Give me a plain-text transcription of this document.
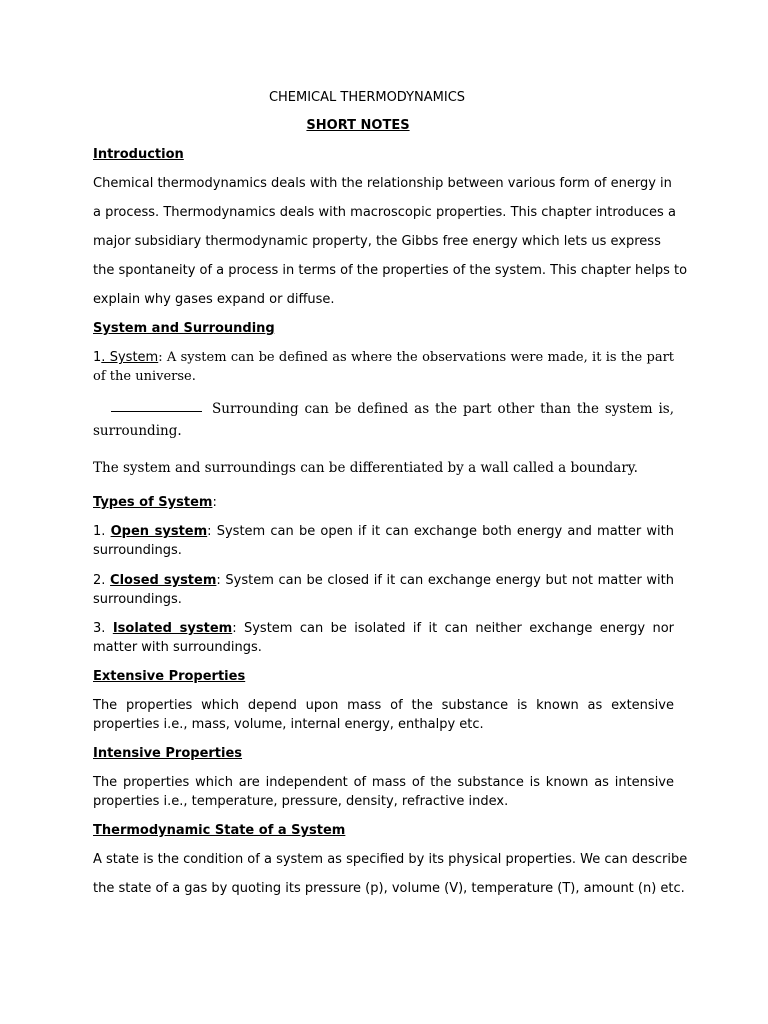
CHEMICAL THERMODYNAMICS
SHORT NOTES
Introduction
Chemical thermodynamics deals with the relationship between various form of energy in
a process. Thermodynamics deals with macroscopic properties. This chapter introduces a
major subsidiary thermodynamic property, the Gibbs free energy which lets us express
the spontaneity of a process in terms of the properties of the system. This chapter helps to
explain why gases expand or diffuse.
System and Surrounding
1. System: A system can be defined as where the observations were made, it is the part of the universe.
Surrounding can be defined as the part other than the system is, surrounding.
The system and surroundings can be differentiated by a wall called a boundary.
Types of System:
1. Open system: System can be open if it can exchange both energy and matter with surroundings.
2. Closed system: System can be closed if it can exchange energy but not matter with surroundings.
3. Isolated system: System can be isolated if it can neither exchange energy nor matter with surroundings.
Extensive Properties
The properties which depend upon mass of the substance is known as extensive properties i.e., mass, volume, internal energy, enthalpy etc.
Intensive Properties
The properties which are independent of mass of the substance is known as intensive properties i.e., temperature, pressure, density, refractive index.
Thermodynamic State of a System
A state is the condition of a system as specified by its physical properties. We can describe
the state of a gas by quoting its pressure (p), volume (V), temperature (T), amount (n) etc.
